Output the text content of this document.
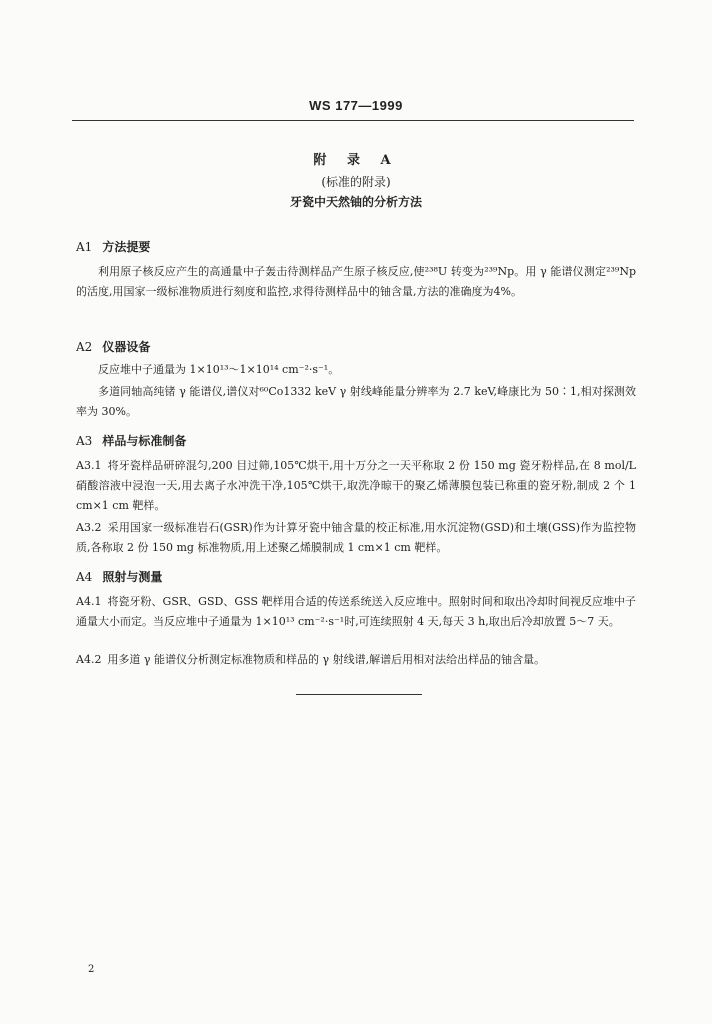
WS 177—1999
附 录 A
(标准的附录)
牙瓷中天然铀的分析方法
A1 方法提要
利用原子核反应产生的高通量中子轰击待测样品产生原子核反应,使²³⁸U 转变为²³⁹Np。用 γ 能谱仪测定²³⁹Np 的活度,用国家一级标准物质进行刻度和监控,求得待测样品中的铀含量,方法的准确度为4%。
A2 仪器设备
反应堆中子通量为 1×10¹³～1×10¹⁴ cm⁻²·s⁻¹。
多道同轴高纯锗 γ 能谱仪,谱仪对⁶⁰Co1332 keV γ 射线峰能量分辨率为 2.7 keV,峰康比为 50∶1,相对探测效率为 30%。
A3 样品与标准制备
A3.1 将牙瓷样品研碎混匀,200 目过筛,105℃烘干,用十万分之一天平称取 2 份 150 mg 瓷牙粉样品,在 8 mol/L 硝酸溶液中浸泡一天,用去离子水冲洗干净,105℃烘干,取洗净晾干的聚乙烯薄膜包装已称重的瓷牙粉,制成 2 个 1 cm×1 cm 靶样。
A3.2 采用国家一级标准岩石(GSR)作为计算牙瓷中铀含量的校正标准,用水沉淀物(GSD)和土壤(GSS)作为监控物质,各称取 2 份 150 mg 标准物质,用上述聚乙烯膜制成 1 cm×1 cm 靶样。
A4 照射与测量
A4.1 将瓷牙粉、GSR、GSD、GSS 靶样用合适的传送系统送入反应堆中。照射时间和取出冷却时间视反应堆中子通量大小而定。当反应堆中子通量为 1×10¹³ cm⁻²·s⁻¹时,可连续照射 4 天,每天 3 h,取出后冷却放置 5～7 天。
A4.2 用多道 γ 能谱仪分析测定标准物质和样品的 γ 射线谱,解谱后用相对法给出样品的铀含量。
2
